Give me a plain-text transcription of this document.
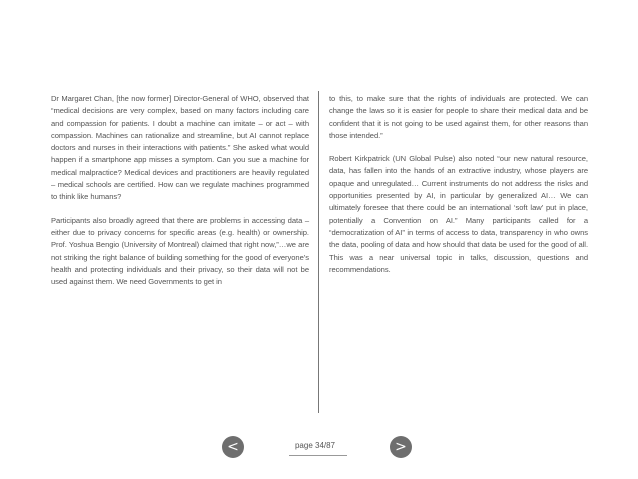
Dr Margaret Chan, [the now former] Director-General of WHO, observed that “medical decisions are very complex, based on many factors including care and compassion for patients. I doubt a machine can imitate – or act – with compassion. Machines can rationalize and streamline, but AI cannot replace doctors and nurses in their interactions with patients.” She asked what would happen if a smartphone app misses a symptom. Can you sue a machine for medical malpractice? Medical devices and practitioners are heavily regulated – medical schools are certified. How can we regulate machines programmed to think like humans?

Participants also broadly agreed that there are problems in accessing data – either due to privacy concerns for specific areas (e.g. health) or ownership. Prof. Yoshua Bengio (University of Montreal) claimed that right now,”…we are not striking the right balance of building something for the good of everyone’s health and protecting individuals and their privacy, so their data will not be used against them. We need Governments to get in

to this, to make sure that the rights of individuals are protected. We can change the laws so it is easier for people to share their medical data and be confident that it is not going to be used against them, for other reasons than those intended.”

Robert Kirkpatrick (UN Global Pulse) also noted “our new natural resource, data, has fallen into the hands of an extractive industry, whose players are opaque and unregulated… Current instruments do not address the risks and opportunities presented by AI, in particular by generalized AI… We can ultimately foresee that there could be an international ‘soft law’ put in place, potentially a Convention on AI.” Many participants called for a “democratization of AI” in terms of access to data, transparency in who owns the data, pooling of data and how should that data be used for the good of all. This was a near universal topic in talks, discussion, questions and recommendations.

<	page 34/87	>
